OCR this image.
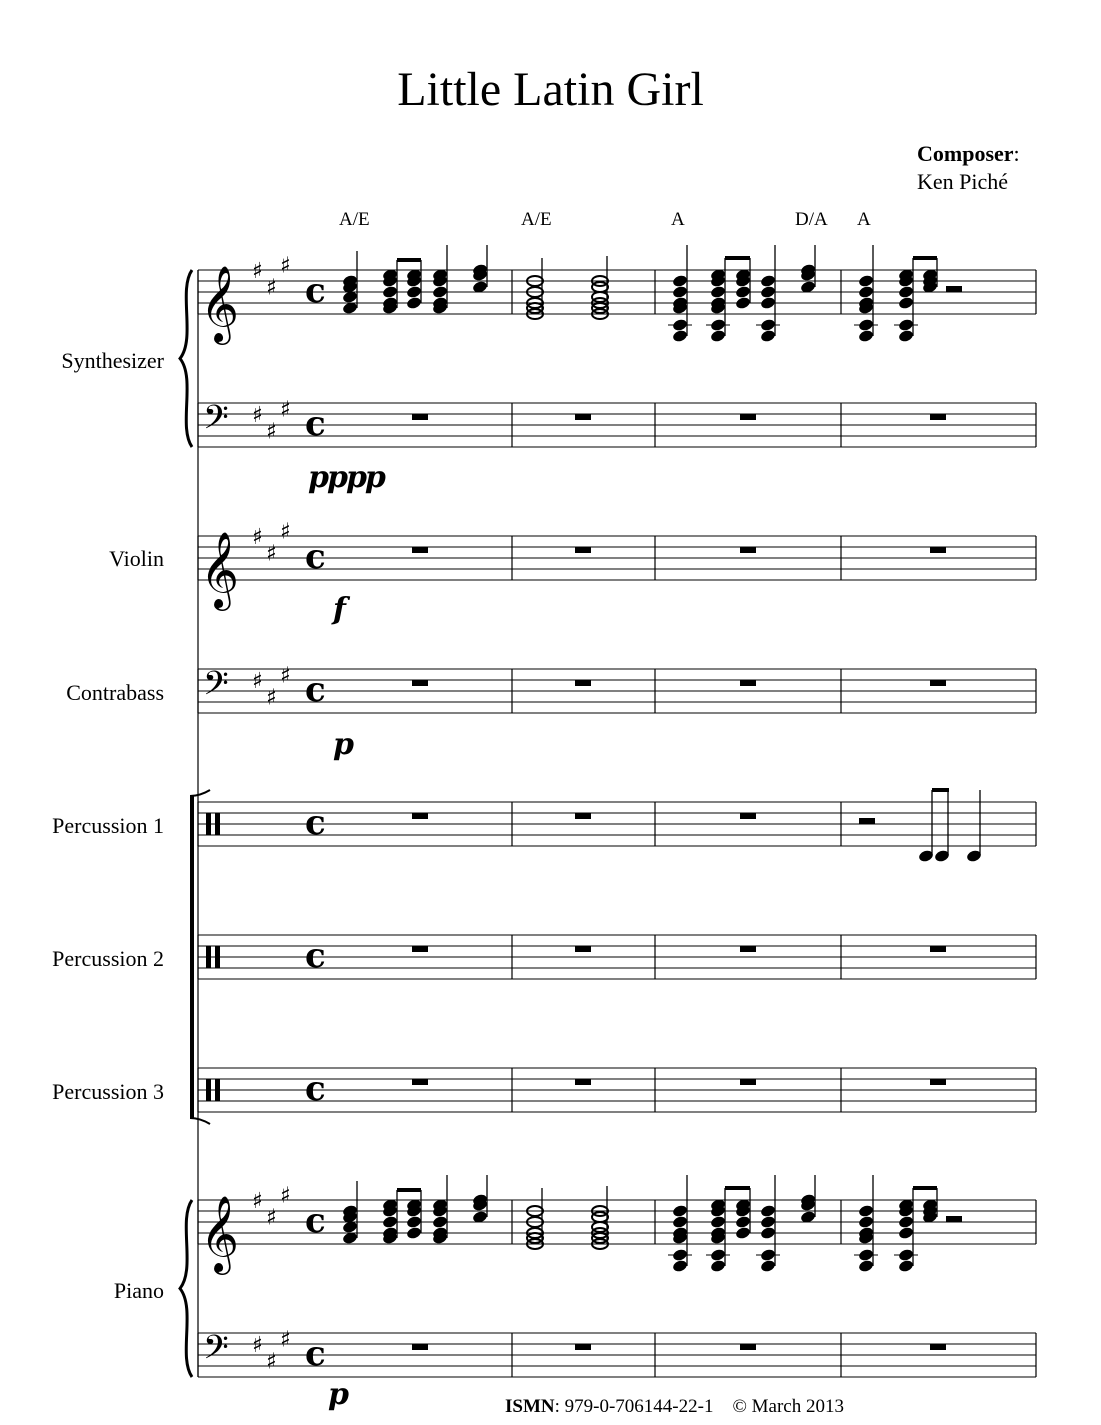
Little Latin Girl
Composer:
Ken Piché
A/E	A/E	A	D/A A
Synthesizer
Violin
Contrabass
Percussion 1
Percussion 2
Percussion 3
Piano
pppp
f
p
p	ISMN: 979-0-706144-22-1 © March 2013
𝄞 ♯
♯
♯
c
𝄢 ♯
♯
♯ c
𝄞 ♯
♯
♯
c
𝄢 ♯
♯
♯ c
c
c
c
𝄞 ♯
♯
♯
c
𝄢 ♯
♯
♯ c
